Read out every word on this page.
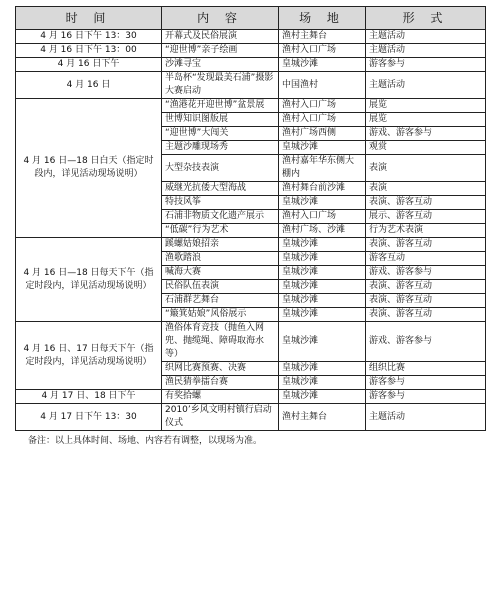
时 间	内 容	场 地	形 式
4 月 16 日下午 13：30	开幕式及民俗展演	渔村主舞台	主题活动
4 月 16 日下午 13：00	“迎世博”亲子绘画	渔村入口广场	主题活动
4 月 16 日下午	沙滩寻宝	皇城沙滩	游客参与
4 月 16 日	半岛杯“发现最美石浦”摄影大赛启动	中国渔村	主题活动
4 月 16 日—18 日白天（指定时段内，详见活动现场说明）	“渔港花开迎世博”盆景展	渔村入口广场	展览
	世博知识图版展	渔村入口广场	展览
	“迎世博”大闯关	渔村广场西侧	游戏、游客参与
	主题沙雕现场秀	皇城沙滩	观赏
	大型杂技表演	渔村嘉年华东侧大棚内	表演
	威继光抗倭大型海战	渔村舞台前沙滩	表演
	特技风筝	皇城沙滩	表演、游客互动
	石浦非物质文化遗产展示	渔村入口广场	展示、游客互动
	“低碳”行为艺术	渔村广场、沙滩	行为艺术表演
4 月 16 日—18 日每天下午（指定时段内，详见活动现场说明）	蹊螺姑娘招亲	皇城沙滩	表演、游客互动
	渔歌踏浪	皇城沙滩	游客互动
	喊海大赛	皇城沙滩	游戏、游客参与
	民俗队伍表演	皇城沙滩	表演、游客互动
	石浦群艺舞台	皇城沙滩	表演、游客互动
	“簸箕姑娘”风俗展示	皇城沙滩	表演、游客互动
4 月 16 日、17 日每天下午（指定时段内，详见活动现场说明）	渔俗体育竞技（抛鱼入网兜、抛缆绳、障碍取海水等）	皇城沙滩	游戏、游客参与
	织网比赛预赛、决赛	皇城沙滩	组织比赛
	渔民猜拳擂台赛	皇城沙滩	游客参与
4 月 17 日、18 日下午	有奖拾螺	皇城沙滩	游客参与
4 月 17 日下午 13：30	2010’乡风文明村镇行启动仪式	渔村主舞台	主题活动
备注：以上具体时间、场地、内容若有调整，以现场为准。
